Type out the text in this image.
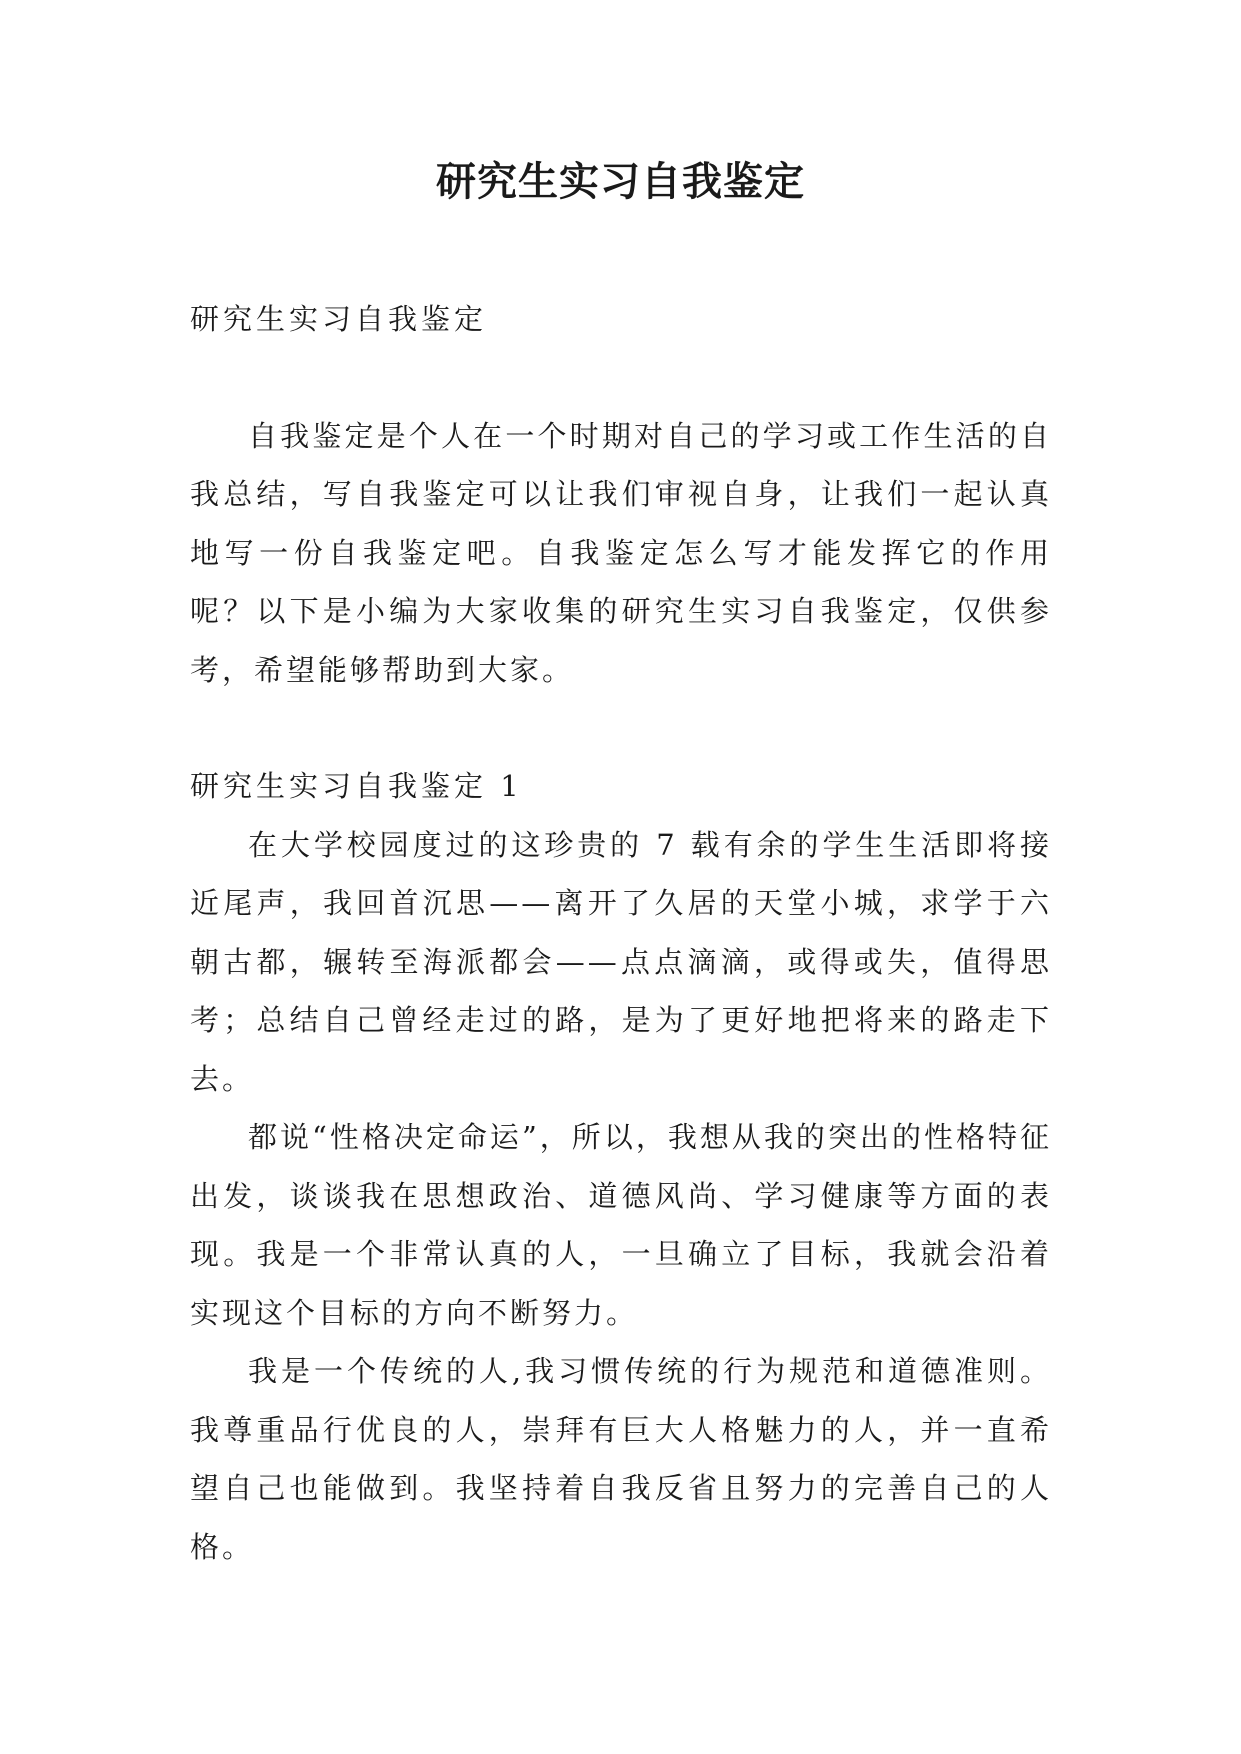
研究生实习自我鉴定

研究生实习自我鉴定

自我鉴定是个人在一个时期对自己的学习或工作生活的自我总结，写自我鉴定可以让我们审视自身，让我们一起认真地写一份自我鉴定吧。自我鉴定怎么写才能发挥它的作用呢？以下是小编为大家收集的研究生实习自我鉴定，仅供参考，希望能够帮助到大家。

研究生实习自我鉴定 1

在大学校园度过的这珍贵的 7 载有余的学生生活即将接近尾声，我回首沉思——离开了久居的天堂小城，求学于六朝古都，辗转至海派都会——点点滴滴，或得或失，值得思考；总结自己曾经走过的路，是为了更好地把将来的路走下去。

都说“性格决定命运”，所以，我想从我的突出的性格特征出发，谈谈我在思想政治、道德风尚、学习健康等方面的表现。我是一个非常认真的人，一旦确立了目标，我就会沿着实现这个目标的方向不断努力。

我是一个传统的人,我习惯传统的行为规范和道德准则。我尊重品行优良的人，崇拜有巨大人格魅力的人，并一直希望自己也能做到。我坚持着自我反省且努力的完善自己的人格。
